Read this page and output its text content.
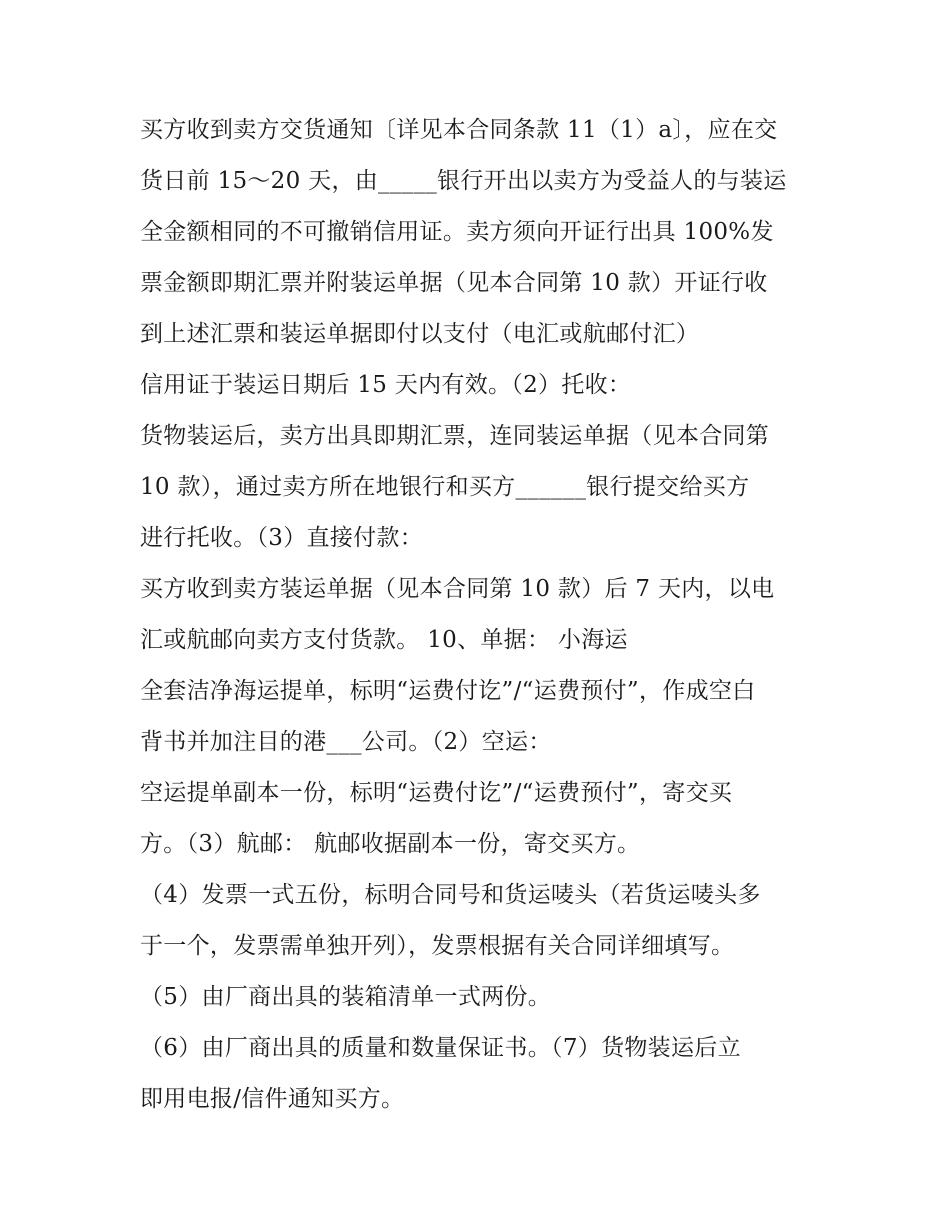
买方收到卖方交货通知〔详见本合同条款 11（1）a〕，应在交
货日前 15～20 天，由_____银行开出以卖方为受益人的与装运
全金额相同的不可撤销信用证。卖方须向开证行出具 100%发
票金额即期汇票并附装运单据（见本合同第 10 款）开证行收
到上述汇票和装运单据即付以支付（电汇或航邮付汇）
信用证于装运日期后 15 天内有效。（2）托收：
货物装运后，卖方出具即期汇票，连同装运单据（见本合同第
10 款），通过卖方所在地银行和买方______银行提交给买方
进行托收。（3）直接付款：
买方收到卖方装运单据（见本合同第 10 款）后 7 天内，以电
汇或航邮向卖方支付货款。 10、单据： 小海运
全套洁净海运提单，标明“运费付讫”/“运费预付”，作成空白
背书并加注目的港___公司。（2）空运：
空运提单副本一份，标明“运费付讫”/“运费预付”，寄交买
方。（3）航邮： 航邮收据副本一份，寄交买方。
（4）发票一式五份，标明合同号和货运唛头（若货运唛头多
于一个，发票需单独开列），发票根据有关合同详细填写。
（5）由厂商出具的装箱清单一式两份。
（6）由厂商出具的质量和数量保证书。（7）货物装运后立
即用电报/信件通知买方。
